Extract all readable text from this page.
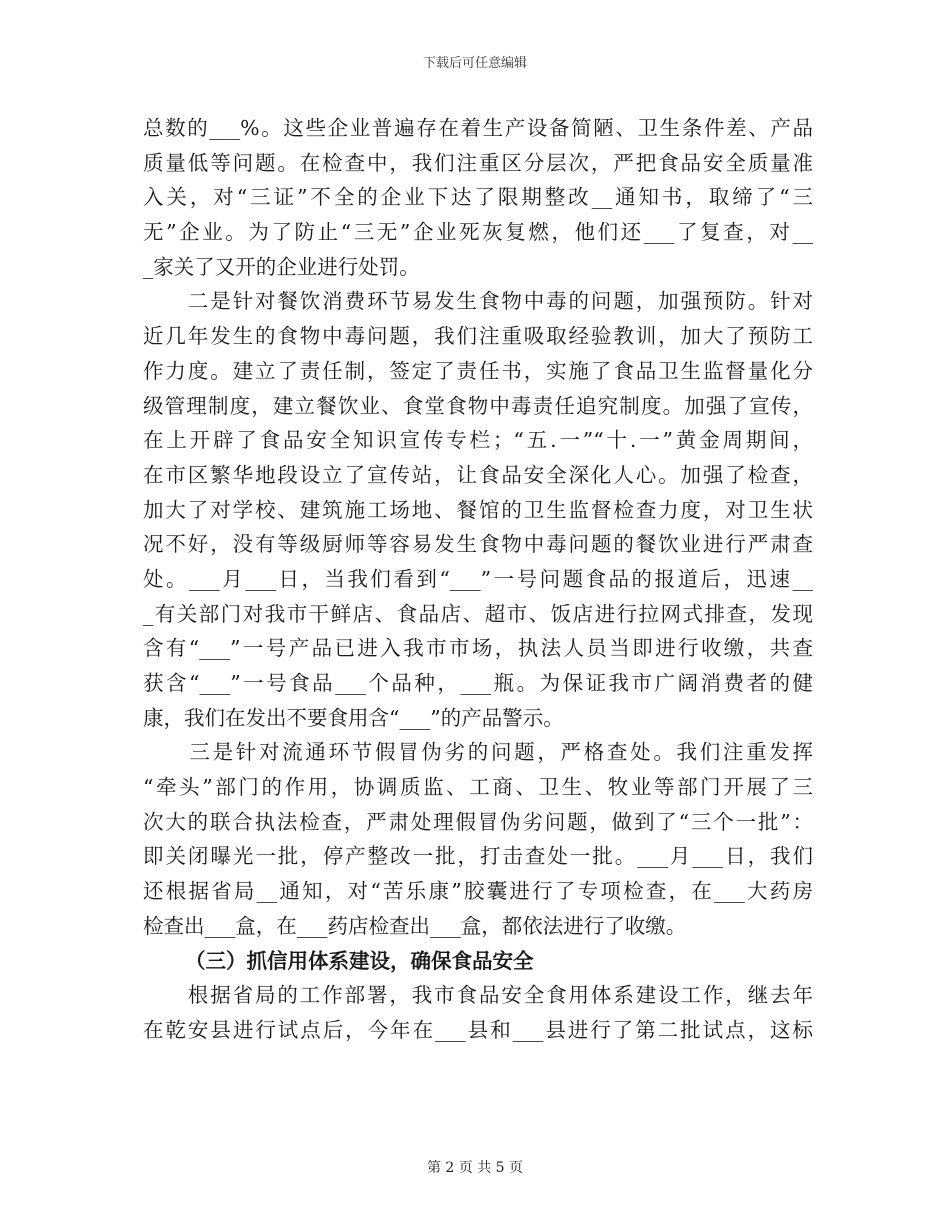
下载后可任意编辑
总数的___%。这些企业普遍存在着生产设备简陋、卫生条件差、产品
质量低等问题。在检查中，我们注重区分层次，严把食品安全质量准
入关，对“三证”不全的企业下达了限期整改__通知书，取缔了“三
无”企业。为了防止“三无”企业死灰复燃，他们还___了复查，对__
_家关了又开的企业进行处罚。
　　二是针对餐饮消费环节易发生食物中毒的问题，加强预防。针对
近几年发生的食物中毒问题，我们注重吸取经验教训，加大了预防工
作力度。建立了责任制，签定了责任书，实施了食品卫生监督量化分
级管理制度，建立餐饮业、食堂食物中毒责任追究制度。加强了宣传，
在上开辟了食品安全知识宣传专栏；“五.一”“十.一”黄金周期间，
在市区繁华地段设立了宣传站，让食品安全深化人心。加强了检查，
加大了对学校、建筑施工场地、餐馆的卫生监督检查力度，对卫生状
况不好，没有等级厨师等容易发生食物中毒问题的餐饮业进行严肃查
处。___月___日，当我们看到“___”一号问题食品的报道后，迅速__
_有关部门对我市干鲜店、食品店、超市、饭店进行拉网式排查，发现
含有“___”一号产品已进入我市市场，执法人员当即进行收缴，共查
获含“___”一号食品___个品种，___瓶。为保证我市广阔消费者的健
康，我们在发出不要食用含“___”的产品警示。
　　三是针对流通环节假冒伪劣的问题，严格查处。我们注重发挥
“牵头”部门的作用，协调质监、工商、卫生、牧业等部门开展了三
次大的联合执法检查，严肃处理假冒伪劣问题，做到了“三个一批”：
即关闭曝光一批，停产整改一批，打击查处一批。___月___日，我们
还根据省局__通知，对“苦乐康”胶囊进行了专项检查，在___大药房
检查出___盒，在___药店检查出___盒，都依法进行了收缴。
（三）抓信用体系建设，确保食品安全
　　根据省局的工作部署，我市食品安全食用体系建设工作，继去年
在乾安县进行试点后，今年在___县和___县进行了第二批试点，这标
第 2 页 共 5 页
